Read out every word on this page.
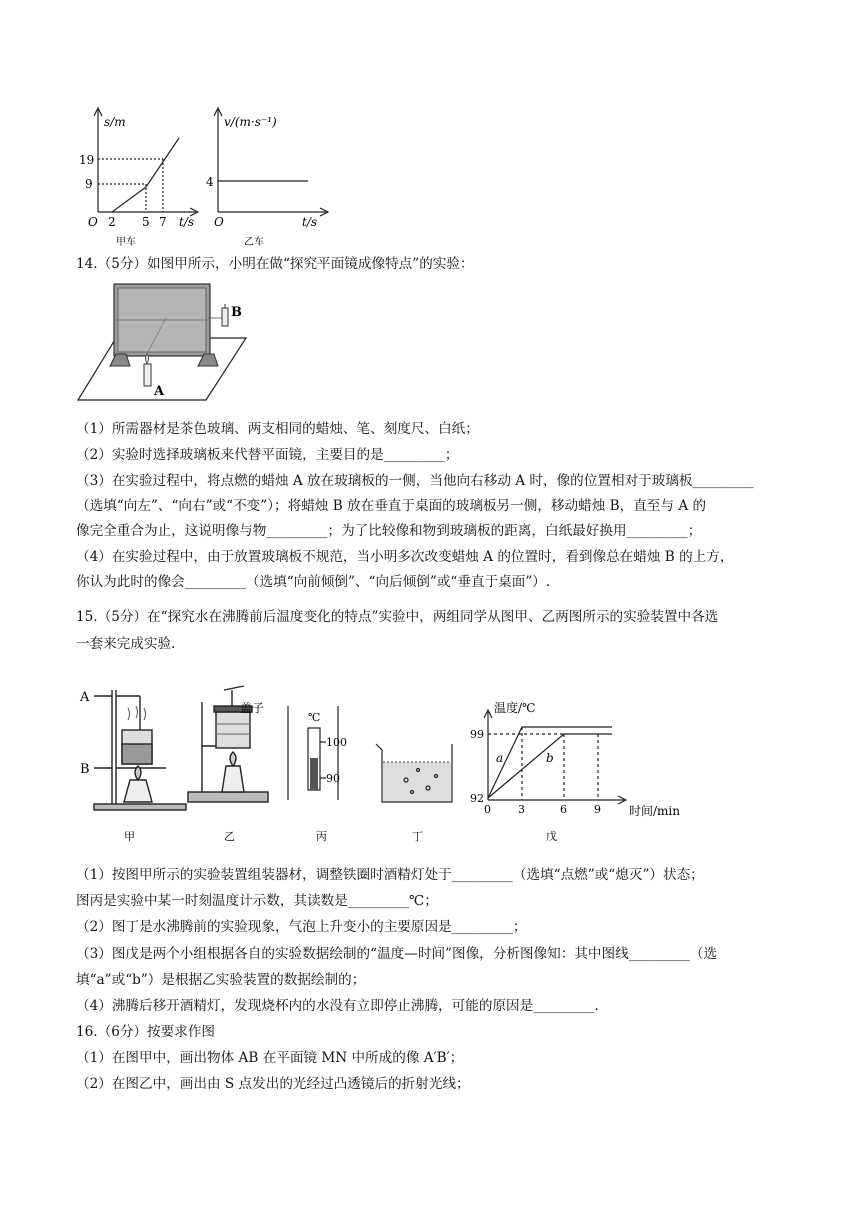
s/m
19
9
O 2 5 7 t/s
甲车
v/(m·s⁻¹)
4
O	t/s
乙车
14.（5分）如图甲所示，小明在做“探究平面镜成像特点”的实验：
B
A
（1）所需器材是茶色玻璃、两支相同的蜡烛、笔、刻度尺、白纸；
（2）实验时选择玻璃板来代替平面镜，主要目的是_________；
（3）在实验过程中，将点燃的蜡烛 A 放在玻璃板的一侧，当他向右移动 A 时，像的位置相对于玻璃板_________
（选填“向左”、“向右”或“不变”）；将蜡烛 B 放在垂直于桌面的玻璃板另一侧，移动蜡烛 B，直至与 A 的
像完全重合为止，这说明像与物_________；为了比较像和物到玻璃板的距离，白纸最好换用_________；
（4）在实验过程中，由于放置玻璃板不规范，当小明多次改变蜡烛 A 的位置时，看到像总在蜡烛 B 的上方，
你认为此时的像会_________（选填“向前倾倒”、“向后倾倒”或“垂直于桌面”）.
15.（5分）在“探究水在沸腾前后温度变化的特点”实验中，两组同学从图甲、乙两图所示的实验装置中各选
一套来完成实验.
A
B
盖子
℃
100
90
温度/℃
99
92
0 3	6 9 时间/min
a	b
甲	乙	丙	丁	戊
（1）按图甲所示的实验装置组装器材，调整铁圈时酒精灯处于_________（选填“点燃”或“熄灭”）状态；
图丙是实验中某一时刻温度计示数，其读数是_________℃；
（2）图丁是水沸腾前的实验现象，气泡上升变小的主要原因是_________；
（3）图戊是两个小组根据各自的实验数据绘制的“温度—时间”图像，分析图像知：其中图线_________（选
填“a”或“b”）是根据乙实验装置的数据绘制的；
（4）沸腾后移开酒精灯，发现烧杯内的水没有立即停止沸腾，可能的原因是_________.
16.（6分）按要求作图
（1）在图甲中，画出物体 AB 在平面镜 MN 中所成的像 A′B′；
（2）在图乙中，画出由 S 点发出的光经过凸透镜后的折射光线；
